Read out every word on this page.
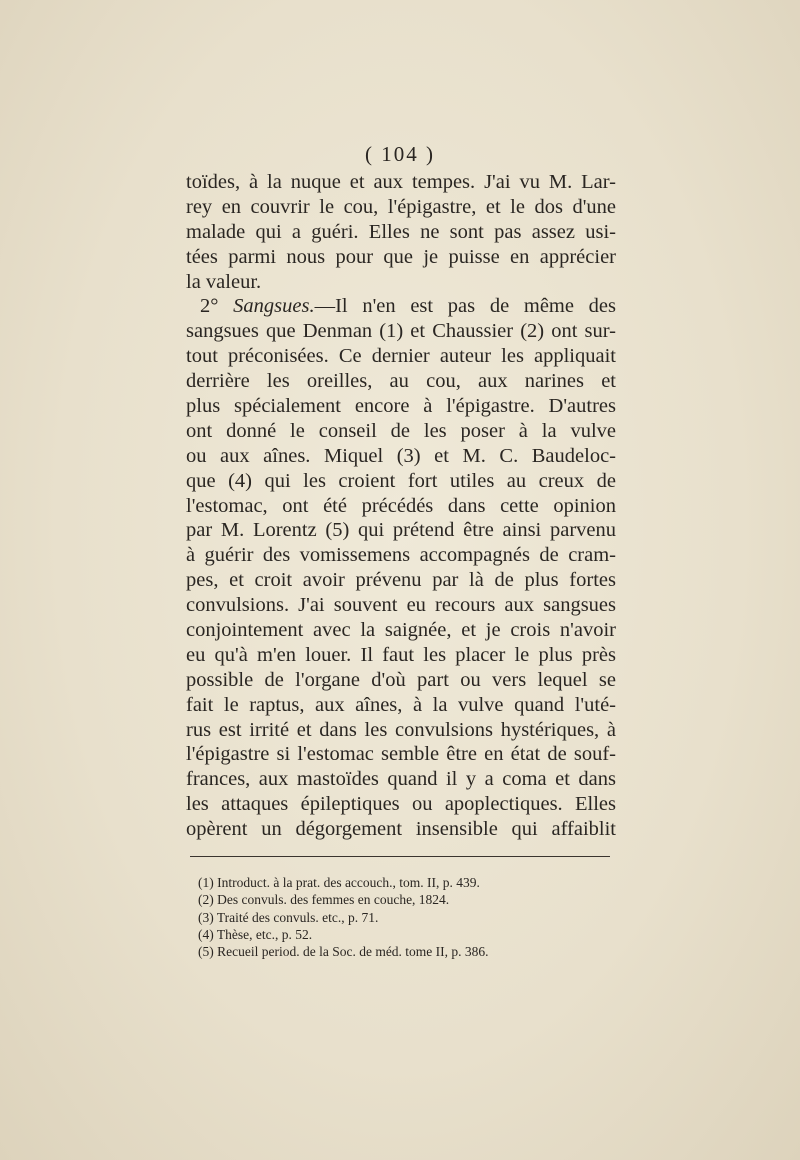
( 104 )
toïdes, à la nuque et aux tempes. J'ai vu M. Lar-
rey en couvrir le cou, l'épigastre, et le dos d'une
malade qui a guéri. Elles ne sont pas assez usi-
tées parmi nous pour que je puisse en apprécier
la valeur.
2° Sangsues.—Il n'en est pas de même des
sangsues que Denman (1) et Chaussier (2) ont sur-
tout préconisées. Ce dernier auteur les appliquait
derrière les oreilles, au cou, aux narines et
plus spécialement encore à l'épigastre. D'autres
ont donné le conseil de les poser à la vulve
ou aux aînes. Miquel (3) et M. C. Baudeloc-
que (4) qui les croient fort utiles au creux de
l'estomac, ont été précédés dans cette opinion
par M. Lorentz (5) qui prétend être ainsi parvenu
à guérir des vomissemens accompagnés de cram-
pes, et croit avoir prévenu par là de plus fortes
convulsions. J'ai souvent eu recours aux sangsues
conjointement avec la saignée, et je crois n'avoir
eu qu'à m'en louer. Il faut les placer le plus près
possible de l'organe d'où part ou vers lequel se
fait le raptus, aux aînes, à la vulve quand l'uté-
rus est irrité et dans les convulsions hystériques, à
l'épigastre si l'estomac semble être en état de souf-
frances, aux mastoïdes quand il y a coma et dans
les attaques épileptiques ou apoplectiques. Elles
opèrent un dégorgement insensible qui affaiblit
(1) Introduct. à la prat. des accouch., tom. II, p. 439.
(2) Des convuls. des femmes en couche, 1824.
(3) Traité des convuls. etc., p. 71.
(4) Thèse, etc., p. 52.
(5) Recueil period. de la Soc. de méd. tome II, p. 386.
